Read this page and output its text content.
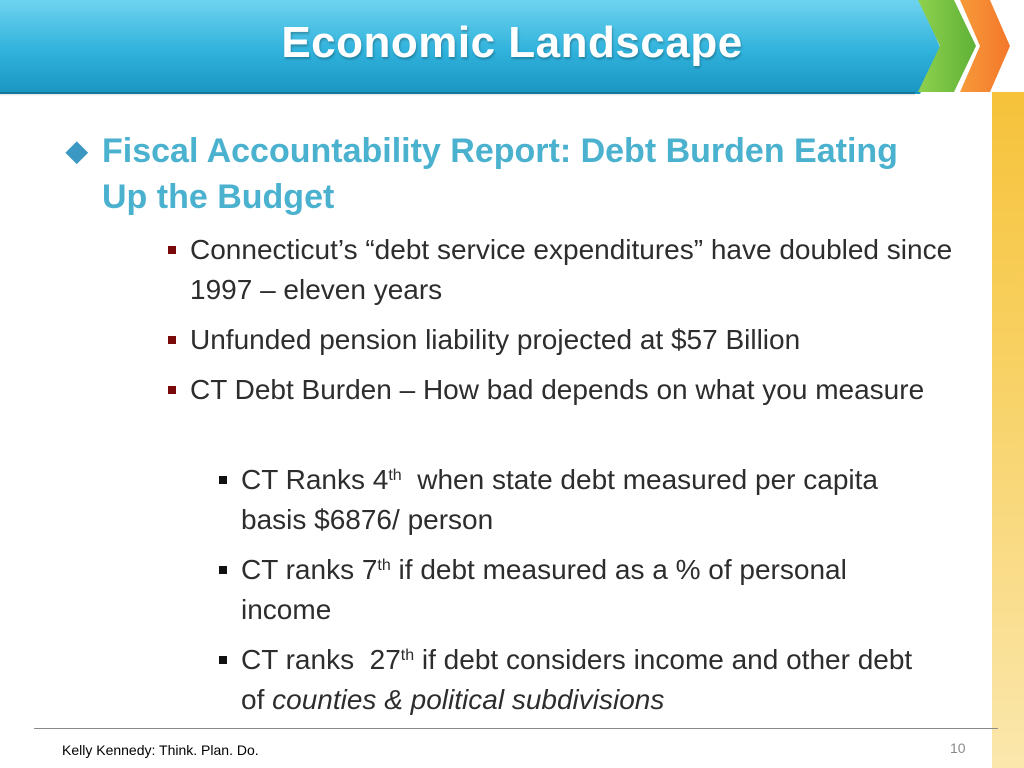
Economic Landscape
◆ Fiscal Accountability Report: Debt Burden Eating Up the Budget
Connecticut’s “debt service expenditures” have doubled since 1997 – eleven years
Unfunded pension liability projected at $57 Billion
CT Debt Burden – How bad depends on what you measure
CT Ranks 4th  when state debt measured per capita basis $6876/ person
CT ranks 7th if debt measured as a % of personal income
CT ranks  27th if debt considers income and other debt of counties & political subdivisions
Kelly Kennedy: Think. Plan. Do.	10
